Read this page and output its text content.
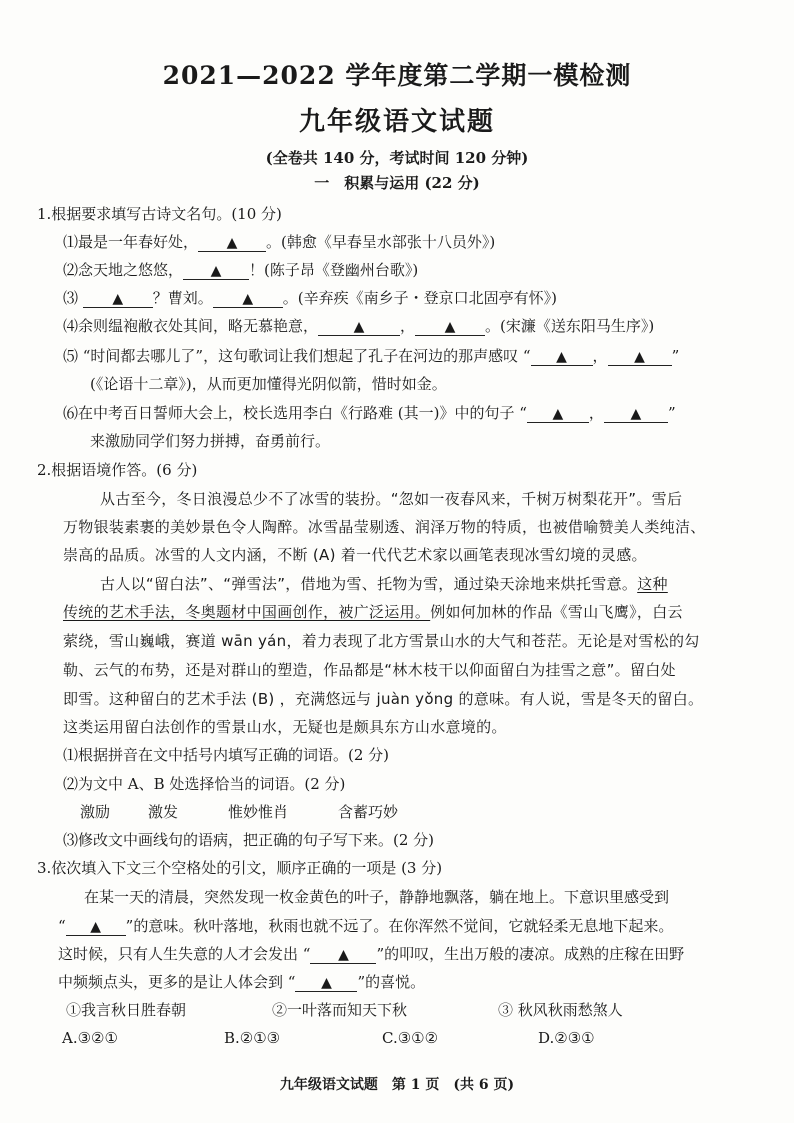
2021—2022 学年度第二学期一模检测
九年级语文试题
(全卷共 140 分，考试时间 120 分钟)
一　积累与运用 (22 分)
1.根据要求填写古诗文名句。(10 分)
⑴最是一年春好处， ▲ 。(韩愈《早春呈水部张十八员外》)
⑵念天地之悠悠， ▲ ！(陈子昂《登幽州台歌》)
⑶ ▲ ？曹刘。 ▲ 。(辛弃疾《南乡子・登京口北固亭有怀》)
⑷余则缊袍敝衣处其间，略无慕艳意，	▲ ， ▲ 。(宋濂《送东阳马生序》)
⑸ “时间都去哪儿了”，这句歌词让我们想起了孔子在河边的那声感叹 “ ▲ ， ▲ ”
(《论语十二章》)，从而更加懂得光阴似箭，惜时如金。
⑹在中考百日誓师大会上，校长选用李白《行路难 (其一)》中的句子 “ ▲ ， ▲ ”
来激励同学们努力拼搏，奋勇前行。
2.根据语境作答。(6 分)
从古至今，冬日浪漫总少不了冰雪的装扮。“忽如一夜春风来，千树万树梨花开”。雪后
万物银装素裹的美妙景色令人陶醉。冰雪晶莹剔透、润泽万物的特质，也被借喻赞美人类纯洁、
崇高的品质。冰雪的人文内涵，不断 (A) 着一代代艺术家以画笔表现冰雪幻境的灵感。
古人以“留白法”、“弹雪法”，借地为雪、托物为雪，通过染天涂地来烘托雪意。这种
传统的艺术手法，冬奥题材中国画创作，被广泛运用。例如何加林的作品《雪山飞鹰》，白云
萦绕，雪山巍峨，赛道 wān yán，着力表现了北方雪景山水的大气和苍茫。无论是对雪松的勾
勒、云气的布势，还是对群山的塑造，作品都是“林木枝干以仰面留白为挂雪之意”。留白处
即雪。这种留白的艺术手法 (B) ，充满悠远与 juàn yǒng 的意味。有人说，雪是冬天的留白。
这类运用留白法创作的雪景山水，无疑也是颇具东方山水意境的。
⑴根据拼音在文中括号内填写正确的词语。(2 分)
⑵为文中 A、B 处选择恰当的词语。(2 分)
激励	激发	惟妙惟肖	含蓄巧妙
⑶修改文中画线句的语病，把正确的句子写下来。(2 分)
3.依次填入下文三个空格处的引文，顺序正确的一项是 (3 分)
在某一天的清晨，突然发现一枚金黄色的叶子，静静地飘落，躺在地上。下意识里感受到
“ ▲ ”的意味。秋叶落地，秋雨也就不远了。在你浑然不觉间，它就轻柔无息地下起来。
这时候，只有人生失意的人才会发出 “ ▲ ”的叩叹，生出万般的凄凉。成熟的庄稼在田野
中频频点头，更多的是让人体会到 “ ▲ ”的喜悦。
①我言秋日胜春朝	②一叶落而知天下秋	③ 秋风秋雨愁煞人
A.③②①	B.②①③	C.③①②	D.②③①
九年级语文试题　第 1 页　(共 6 页)
